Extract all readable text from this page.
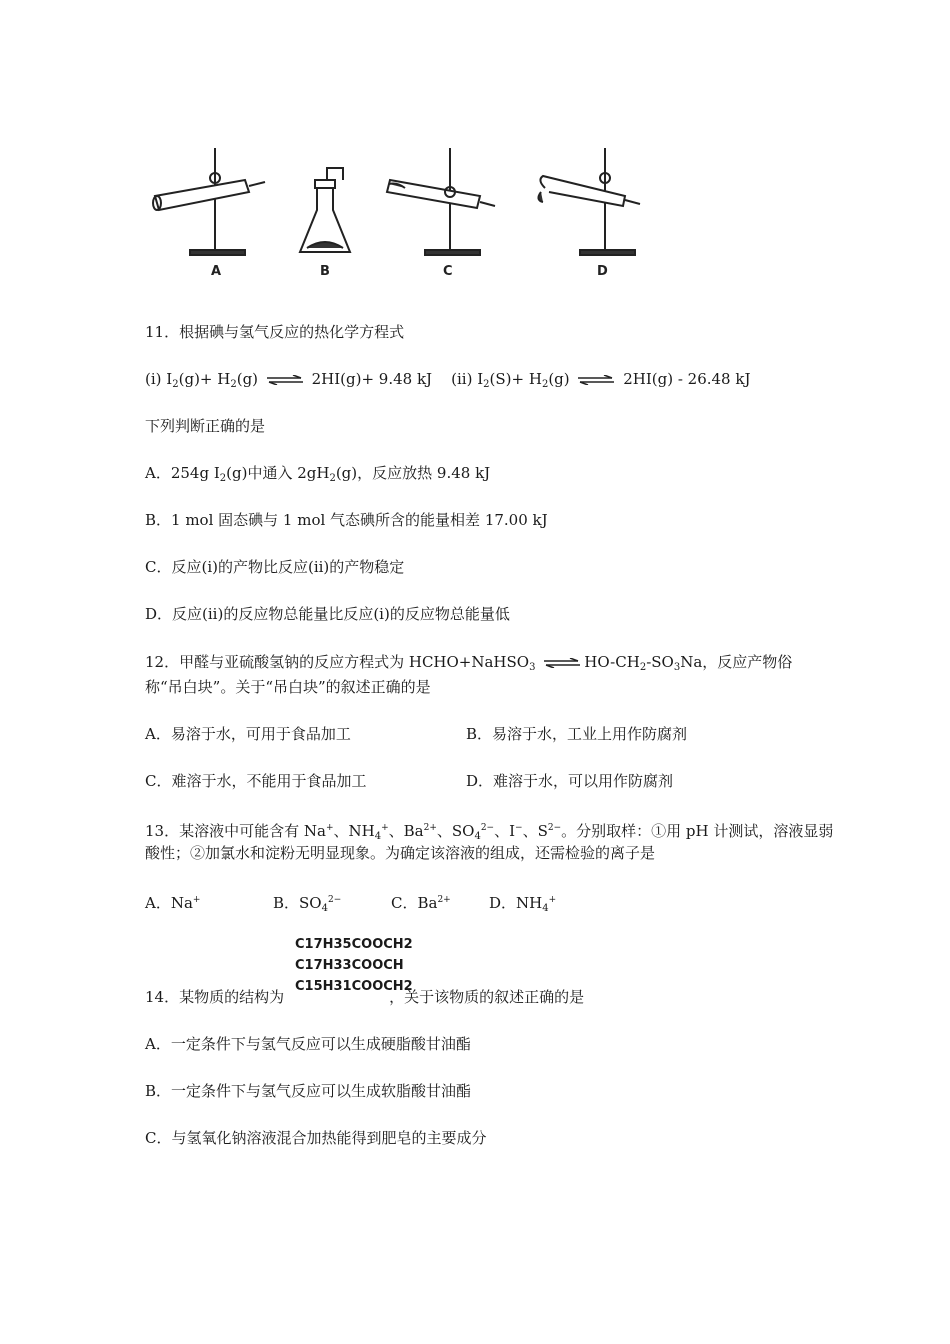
A	B	C	D
11．根据碘与氢气反应的热化学方程式
(i) $I_2(g)+ H_2(g)$ ⇌ 2HI(g)+ 9.48 kJ (ii) $I_2(S)+ H_2(g)$ ⇌ 2HI(g) - 26.48 kJ
下列判断正确的是
A．254g $I_2(g)$中通入 $2gH_2(g)$，反应放热 9.48 kJ
B．1 mol 固态碘与 1 mol 气态碘所含的能量相差 17.00 kJ
C．反应(i)的产物比反应(ii)的产物稳定
D．反应(ii)的反应物总能量比反应(i)的反应物总能量低
12．甲醛与亚硫酸氢钠的反应方程式为 HCHO+NaHSO$_3$ ⇌ $HO-CH_2-SO_3Na$，反应产物俗
称“吊白块”。关于“吊白块”的叙述正确的是
A．易溶于水，可用于食品加工	B．易溶于水，工业上用作防腐剂
C．难溶于水，不能用于食品加工	D．难溶于水，可以用作防腐剂
13．某溶液中可能含有 Na+、$NH_4^+$、$Ba^{2+}$、$SO_4^{2-}$、I−、$S^{2-}$。分别取样：①用 pH 计测试，溶液显弱
酸性；②加氯水和淀粉无明显现象。为确定该溶液的组成，还需检验的离子是
A．Na+	B．$SO_4^{2-}$	C．$Ba^{2+}$	D．$NH_4^+$
C17H35COOCH2
C17H33COOCH
C15H31COOCH2
14．某物质的结构为	，关于该物质的叙述正确的是
A．一定条件下与氢气反应可以生成硬脂酸甘油酯
B．一定条件下与氢气反应可以生成软脂酸甘油酯
C．与氢氧化钠溶液混合加热能得到肥皂的主要成分
